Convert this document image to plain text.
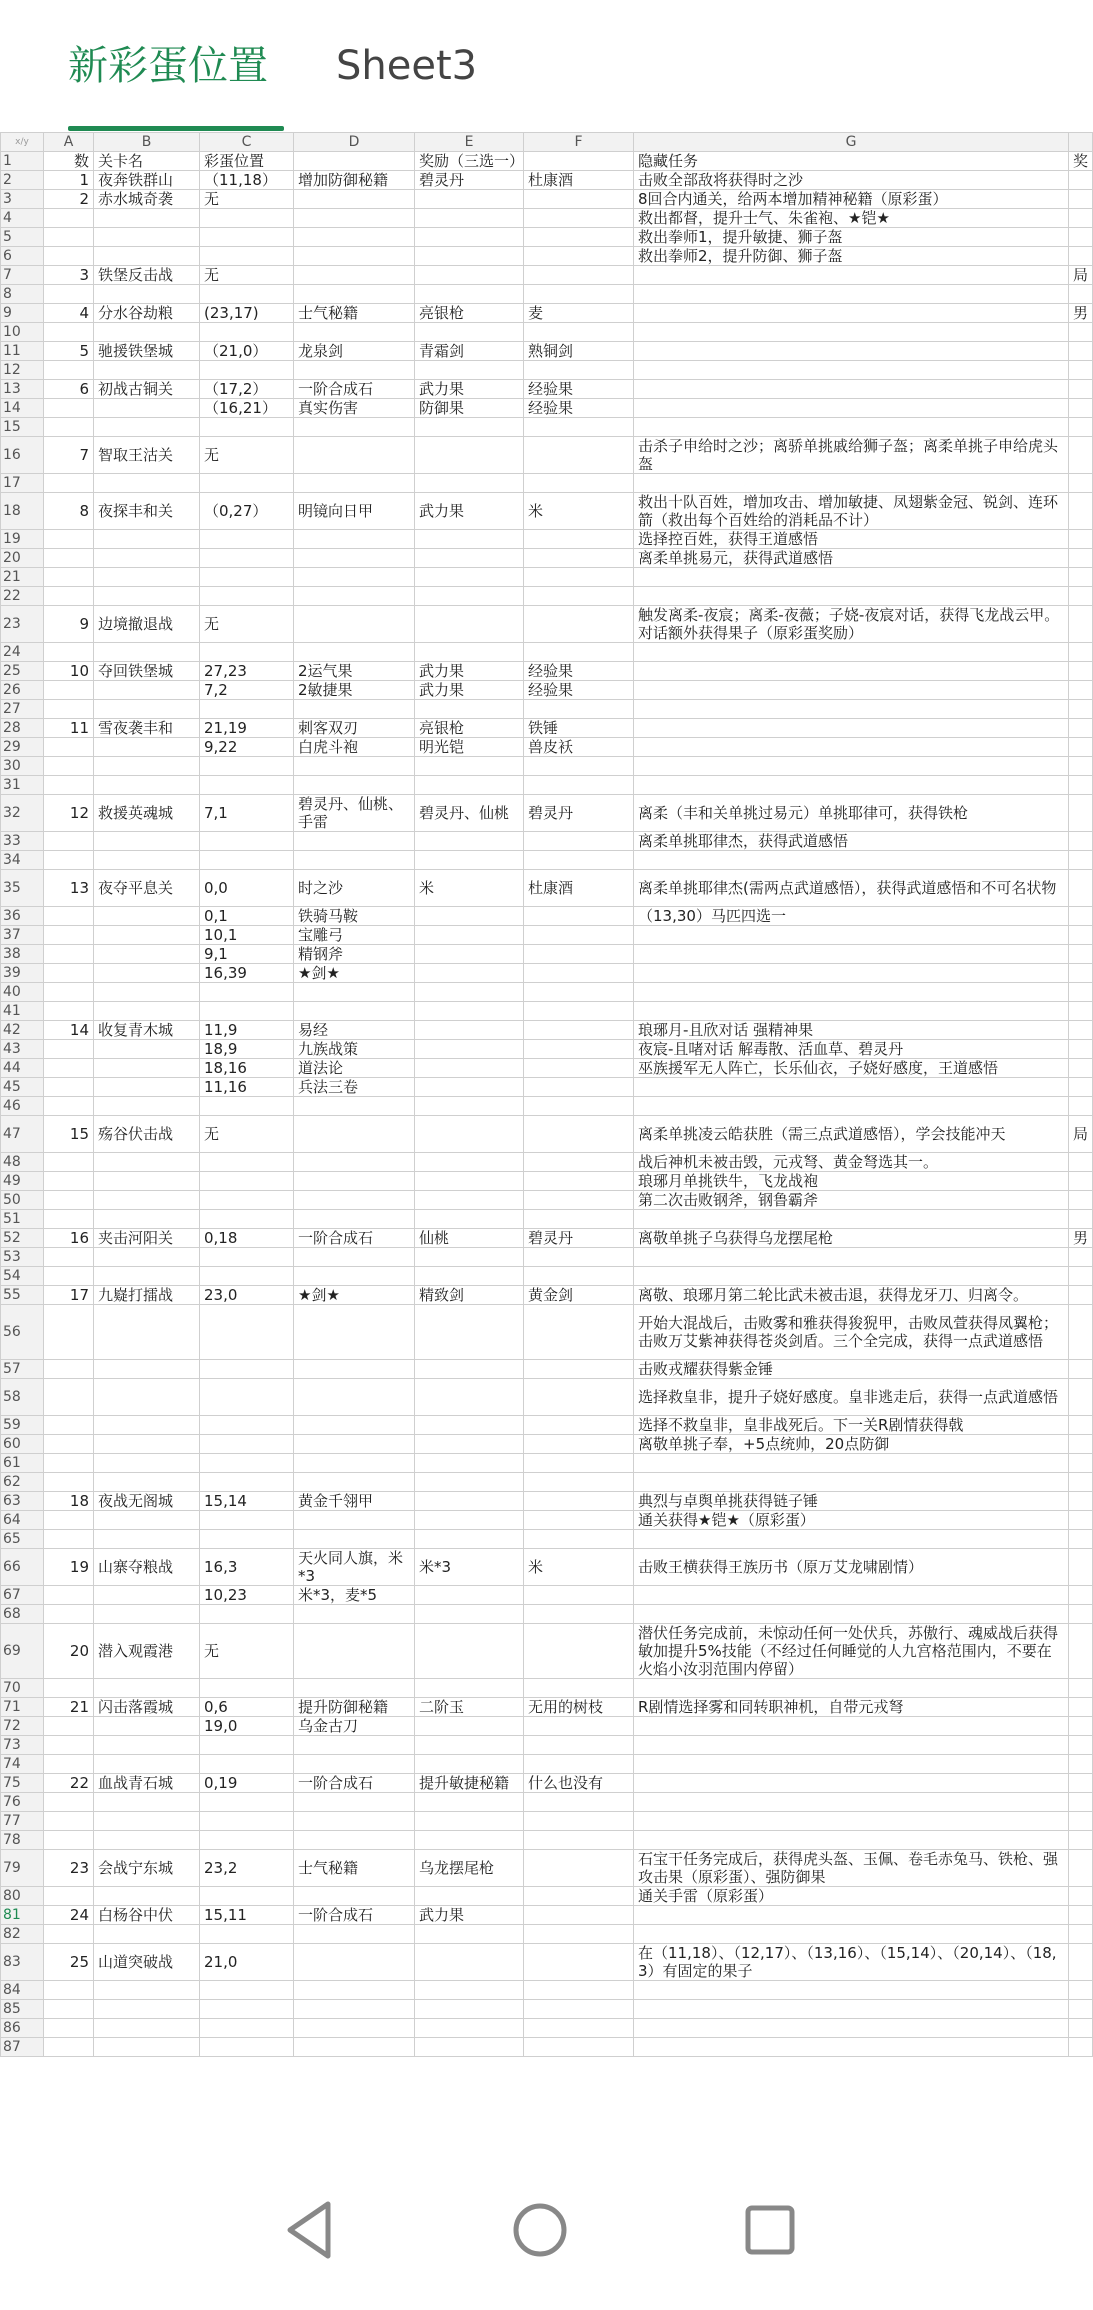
新彩蛋位置 Sheet3
x/y	A	B	C	D	E	F	G	
1	数	关卡名	彩蛋位置		奖励（三选一）		隐藏任务	奖
2	1	夜奔铁群山	（11,18）	增加防御秘籍	碧灵丹	杜康酒	击败全部敌将获得时之沙	
3	2	赤水城奇袭	无				8回合内通关，给两本增加精神秘籍（原彩蛋）	
4							救出都督，提升士气、朱雀袍、★铠★	
5							救出拳师1，提升敏捷、狮子盔	
6							救出拳师2，提升防御、狮子盔	
7	3	铁堡反击战	无					局
8								
9	4	分水谷劫粮	(23,17)	士气秘籍	亮银枪	麦		男
10								
11	5	驰援铁堡城	（21,0）	龙泉剑	青霜剑	熟铜剑		
12								
13	6	初战古铜关	（17,2）	一阶合成石	武力果	经验果		
14			（16,21）	真实伤害	防御果	经验果		
15								
16	7	智取王沽关	无				击杀子申给时之沙；离骄单挑戚给狮子盔；离柔单挑子申给虎头盔	
17								
18	8	夜探丰和关	（0,27）	明镜向日甲	武力果	米	救出十队百姓，增加攻击、增加敏捷、凤翅紫金冠、锐剑、连环箭（救出每个百姓给的消耗品不计）	
19							选择控百姓，获得王道感悟	
20							离柔单挑易元，获得武道感悟	
21								
22								
23	9	边境撤退战	无				触发离柔-夜宸；离柔-夜薇；子娆-夜宸对话，获得飞龙战云甲。对话额外获得果子（原彩蛋奖励）	
24								
25	10	夺回铁堡城	27,23	2运气果	武力果	经验果		
26			7,2	2敏捷果	武力果	经验果		
27								
28	11	雪夜袭丰和	21,19	刺客双刃	亮银枪	铁锤		
29			9,22	白虎斗袍	明光铠	兽皮袄		
30								
31								
32	12	救援英魂城	7,1	碧灵丹、仙桃、手雷	碧灵丹、仙桃	碧灵丹	离柔（丰和关单挑过易元）单挑耶律可，获得铁枪	
33							离柔单挑耶律杰，获得武道感悟	
34								
35	13	夜夺平息关	0,0	时之沙	米	杜康酒	离柔单挑耶律杰(需两点武道感悟），获得武道感悟和不可名状物	
36			0,1	铁骑马鞍			（13,30）马匹四选一	
37			10,1	宝雕弓				
38			9,1	精钢斧				
39			16,39	★剑★				
40								
41								
42	14	收复青木城	11,9	易经			琅琊月-且欣对话 强精神果	
43			18,9	九族战策			夜宸-且啫对话 解毒散、活血草、碧灵丹	
44			18,16	道法论			巫族援军无人阵亡，长乐仙衣，子娆好感度，王道感悟	
45			11,16	兵法三卷				
46								
47	15	殇谷伏击战	无				离柔单挑凌云皓获胜（需三点武道感悟），学会技能冲天	局
48							战后神机未被击毁，元戎弩、黄金弩选其一。	
49							琅琊月单挑铁牛，飞龙战袍	
50							第二次击败钢斧，钢鲁霸斧	
51								
52	16	夹击河阳关	0,18	一阶合成石	仙桃	碧灵丹	离敬单挑子乌获得乌龙摆尾枪	男
53								
54								
55	17	九嶷打擂战	23,0	★剑★	精致剑	黄金剑	离敬、琅琊月第二轮比武未被击退，获得龙牙刀、归离令。	
56							开始大混战后，击败雾和雅获得狻猊甲，击败凤萱获得凤翼枪；击败万艾紫神获得苍炎剑盾。三个全完成，获得一点武道感悟	
57							击败戎耀获得紫金锤	
58							选择救皇非，提升子娆好感度。皇非逃走后，获得一点武道感悟	
59							选择不救皇非，皇非战死后。下一关R剧情获得戟	
60							离敬单挑子奉，+5点统帅，20点防御	
61								
62								
63	18	夜战无阁城	15,14	黄金千翎甲			典烈与卓舆单挑获得链子锤	
64							通关获得★铠★（原彩蛋）	
65								
66	19	山寨夺粮战	16,3	天火同人旗，米*3	米*3	米	击败王横获得王族历书（原万艾龙啸剧情）	
67			10,23	米*3，麦*5				
68								
69	20	潜入观霞港	无				潜伏任务完成前，未惊动任何一处伏兵，苏傲行、魂威战后获得敏加提升5%技能（不经过任何睡觉的人九宫格范围内，不要在火焰小汝羽范围内停留）	
70								
71	21	闪击落霞城	0,6	提升防御秘籍	二阶玉	无用的树枝	R剧情选择雾和同转职神机，自带元戎弩	
72			19,0	乌金古刀				
73								
74								
75	22	血战青石城	0,19	一阶合成石	提升敏捷秘籍	什么也没有		
76								
77								
78								
79	23	会战宁东城	23,2	士气秘籍	乌龙摆尾枪		石宝干任务完成后，获得虎头盔、玉佩、卷毛赤兔马、铁枪、强攻击果（原彩蛋）、强防御果	
80							通关手雷（原彩蛋）	
81	24	白杨谷中伏	15,11	一阶合成石	武力果			
82								
83	25	山道突破战	21,0				在（11,18）、（12,17）、（13,16）、（15,14）、（20,14）、（18,3）有固定的果子	
84								
85								
86								
87								
